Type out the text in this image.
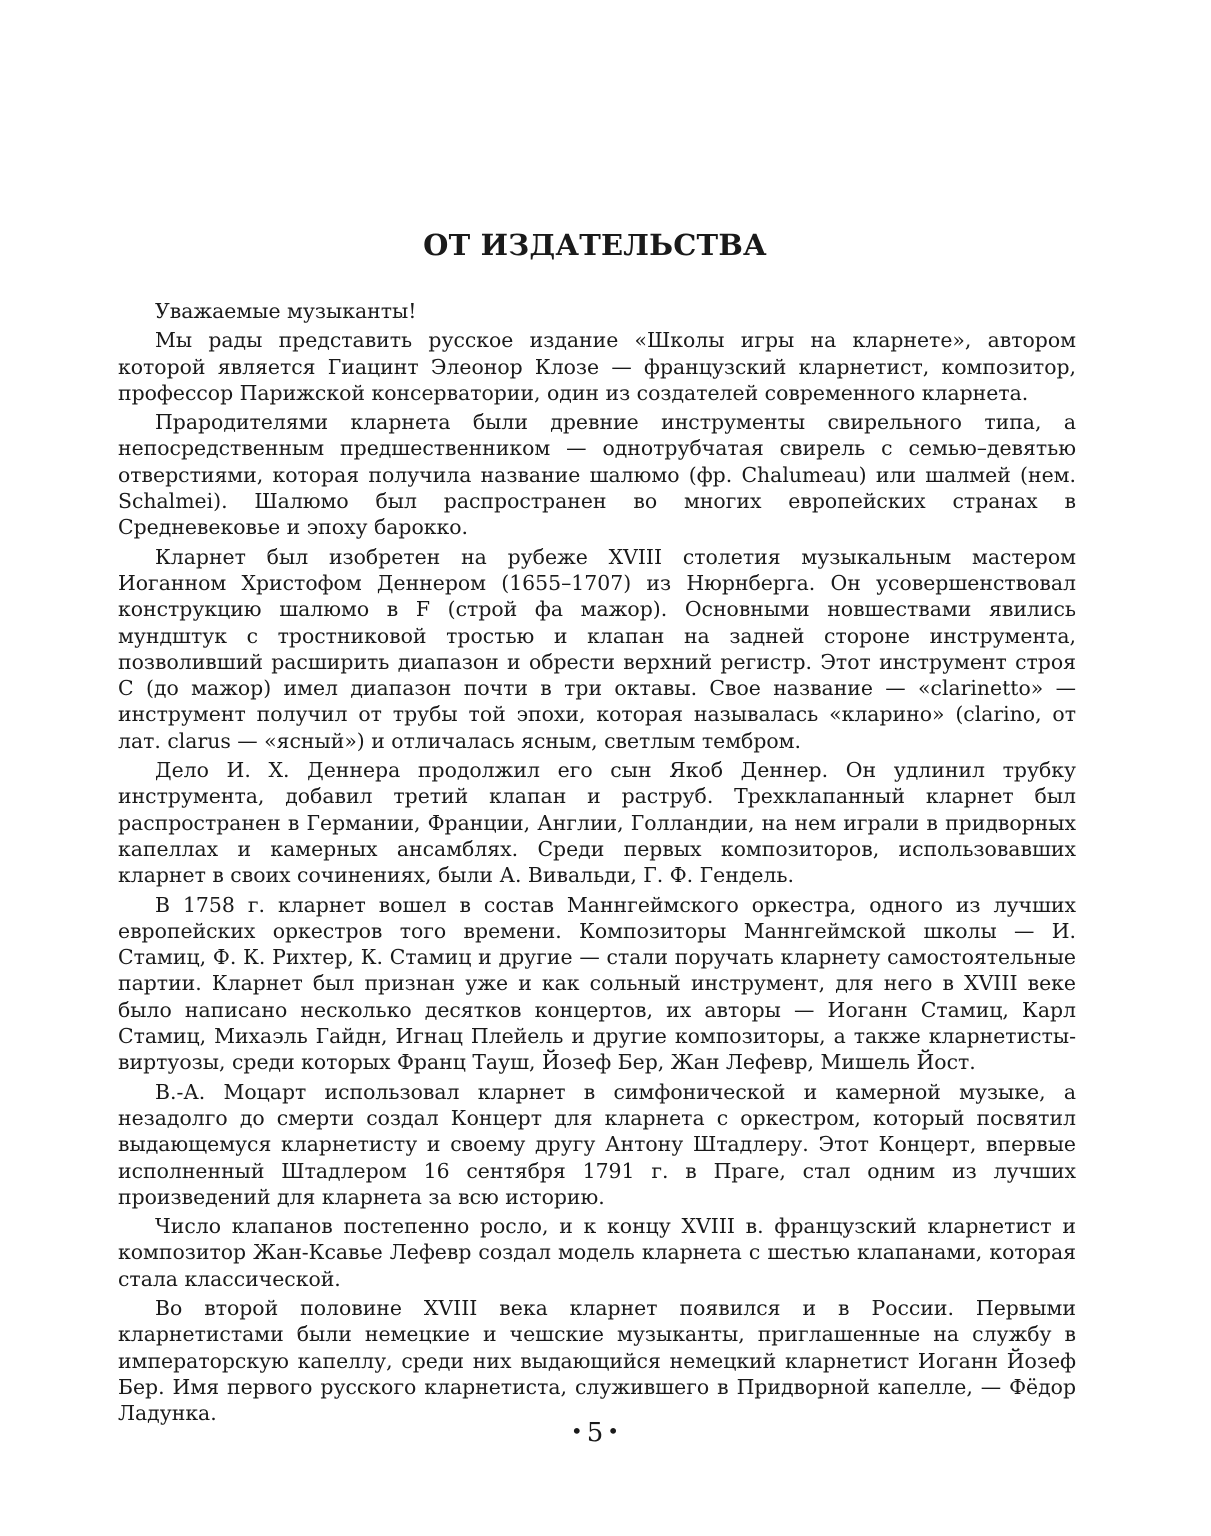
ОТ ИЗДАТЕЛЬСТВА

Уважаемые музыканты!

Мы рады представить русское издание «Школы игры на кларнете», автором которой является Гиацинт Элеонор Клозе — французский кларнетист, композитор, профессор Парижской консерватории, один из создателей современного кларнета.

Прародителями кларнета были древние инструменты свирельного типа, а непосредственным предшественником — однотрубчатая свирель с семью–девятью отверстиями, которая получила название шалюмо (фр. Chalumeau) или шалмей (нем. Schalmei). Шалюмо был распространен во многих европейских странах в Средневековье и эпоху барокко.

Кларнет был изобретен на рубеже XVIII столетия музыкальным мастером Иоганном Христофом Деннером (1655–1707) из Нюрнберга. Он усовершенствовал конструкцию шалюмо в F (строй фа мажор). Основными новшествами явились мундштук с тростниковой тростью и клапан на задней стороне инструмента, позволивший расширить диапазон и обрести верхний регистр. Этот инструмент строя С (до мажор) имел диапазон почти в три октавы. Свое название — «clarinetto» — инструмент получил от трубы той эпохи, которая называлась «кларино» (clarino, от лат. clarus — «ясный») и отличалась ясным, светлым тембром.

Дело И. Х. Деннера продолжил его сын Якоб Деннер. Он удлинил трубку инструмента, добавил третий клапан и раструб. Трехклапанный кларнет был распространен в Германии, Франции, Англии, Голландии, на нем играли в придворных капеллах и камерных ансамблях. Среди первых композиторов, использовавших кларнет в своих сочинениях, были А. Вивальди, Г. Ф. Гендель.

В 1758 г. кларнет вошел в состав Маннгеймского оркестра, одного из лучших европейских оркестров того времени. Композиторы Маннгеймской школы — И. Стамиц, Ф. К. Рихтер, К. Стамиц и другие — стали поручать кларнету самостоятельные партии. Кларнет был признан уже и как сольный инструмент, для него в XVIII веке было написано несколько десятков концертов, их авторы — Иоганн Стамиц, Карл Стамиц, Михаэль Гайдн, Игнац Плейель и другие композиторы, а также кларнетисты-виртуозы, среди которых Франц Тауш, Йозеф Бер, Жан Лефевр, Мишель Йост.

В.-А. Моцарт использовал кларнет в симфонической и камерной музыке, а незадолго до смерти создал Концерт для кларнета с оркестром, который посвятил выдающемуся кларнетисту и своему другу Антону Штадлеру. Этот Концерт, впервые исполненный Штадлером 16 сентября 1791 г. в Праге, стал одним из лучших произведений для кларнета за всю историю.

Число клапанов постепенно росло, и к концу XVIII в. французский кларнетист и композитор Жан-Ксавье Лефевр создал модель кларнета с шестью клапанами, которая стала классической.

Во второй половине XVIII века кларнет появился и в России. Первыми кларнетистами были немецкие и чешские музыканты, приглашенные на службу в императорскую капеллу, среди них выдающийся немецкий кларнетист Иоганн Йозеф Бер. Имя первого русского кларнетиста, служившего в Придворной капелле, — Фёдор Ладунка.

• 5 •
